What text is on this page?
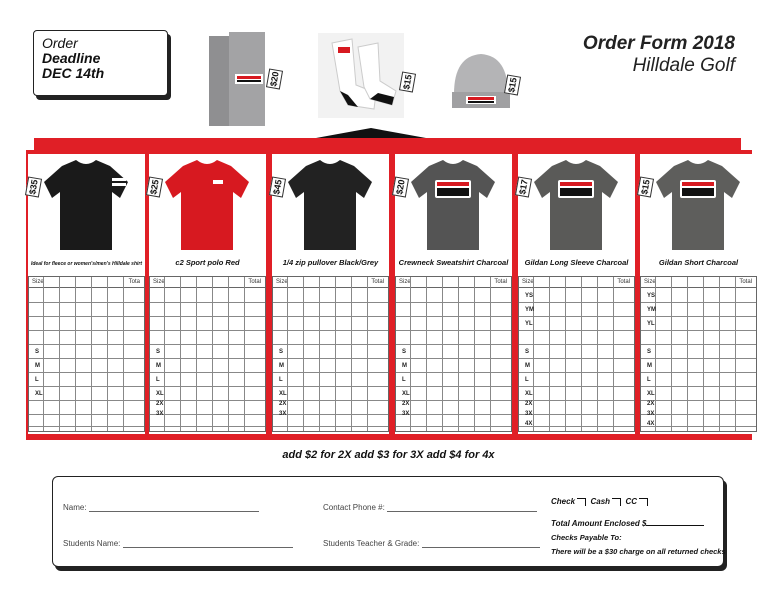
Order
Deadline
DEC 14th	$20	$15	$15
Order Form 2018
Hilldale Golf
$35
Ideal for fleece or women's/men's Hilldale shirt
Size	Tota
S
M
L
XL
$25
c2 Sport polo Red
Size	Total
S
M
L
XL
2X
3X
$45
1/4 zip pullover Black/Grey
Size	Total
S
M
L
XL
2X
3X
$20
Crewneck Sweatshirt Charcoal
Size	Total
S
M
L
XL
2X
3X
$17
Gildan Long Sleeve Charcoal
Size	Total
YS
YM
YL
S
M
L
XL
2X
3X
4X
$15
Gildan Short Charcoal
Size	Total
YS
YM
YL
S
M
L
XL
2X
3X
4X
add $2 for 2X add $3 for 3X add $4 for 4x
Name:	Contact Phone #:
Students Name:	Students Teacher & Grade:
Check Cash CC
Total Amount Enclosed $
Checks Payable To:
There will be a $30 charge on all returned checks
